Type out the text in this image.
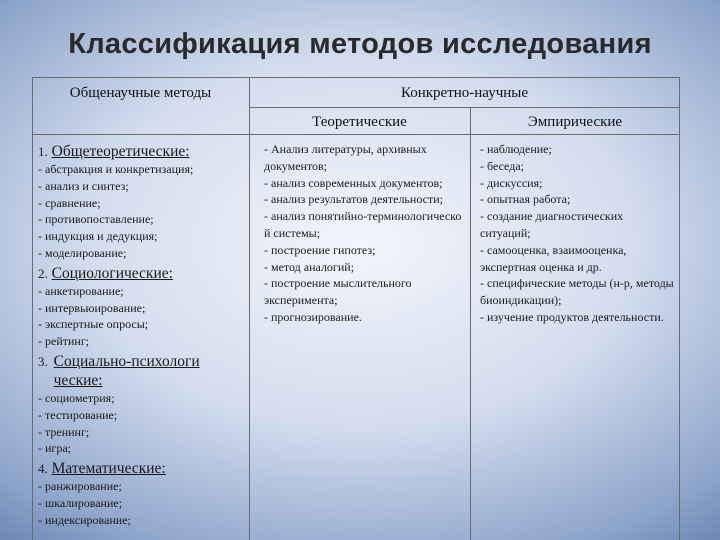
Классификация методов исследования
Общенаучные методы	Конкретно-научные
Теоретические	Эмпирические
1. Общетеоретические:
- абстракция и конкретизация;
- анализ и синтез;
- сравнение;
- противопоставление;
- индукция и дедукция;
- моделирование;
2. Социологические:
- анкетирование;
- интервьюирование;
- экспертные опросы;
- рейтинг;
3. Социально-психологические:
- социометрия;
- тестирование;
- тренинг;
- игра;
4. Математические:
- ранжирование;
- шкалирование;
- индексирование;
- Анализ литературы, архивных документов;
- анализ современных документов;
- анализ результатов деятельности;
- анализ понятийно-терминологической системы;
- построение гипотез;
- метод аналогий;
- построение мыслительного эксперимента;
- прогнозирование.
- наблюдение;
- беседа;
- дискуссия;
- опытная работа;
- создание диагностических ситуаций;
- самооценка, взаимооценка, экспертная оценка и др.
- специфические методы (н-р, методы биоиндикации);
- изучение продуктов деятельности.
